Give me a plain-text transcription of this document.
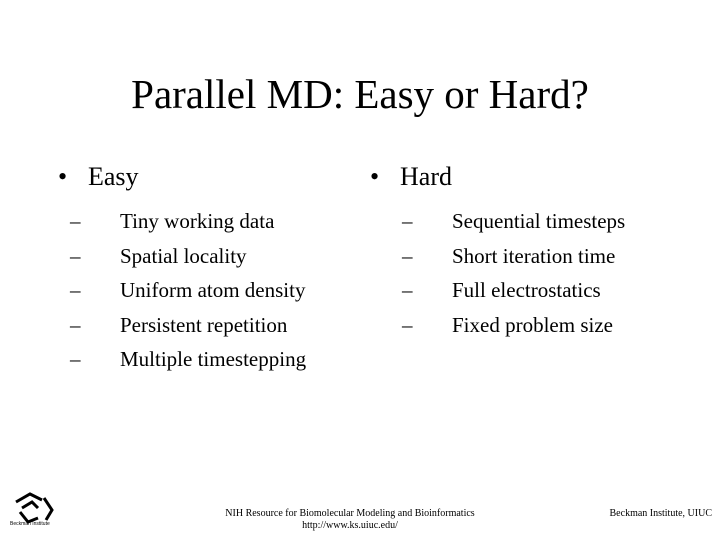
Parallel MD: Easy or Hard?
• Easy
–	Tiny working data
–	Spatial locality
–	Uniform atom density
–	Persistent repetition
–	Multiple timestepping
• Hard
–	Sequential timesteps
–	Short iteration time
–	Full electrostatics
–	Fixed problem size
Beckman Institute
NIH Resource for Biomolecular Modeling and Bioinformatics
http://www.ks.uiuc.edu/
Beckman Institute, UIUC
